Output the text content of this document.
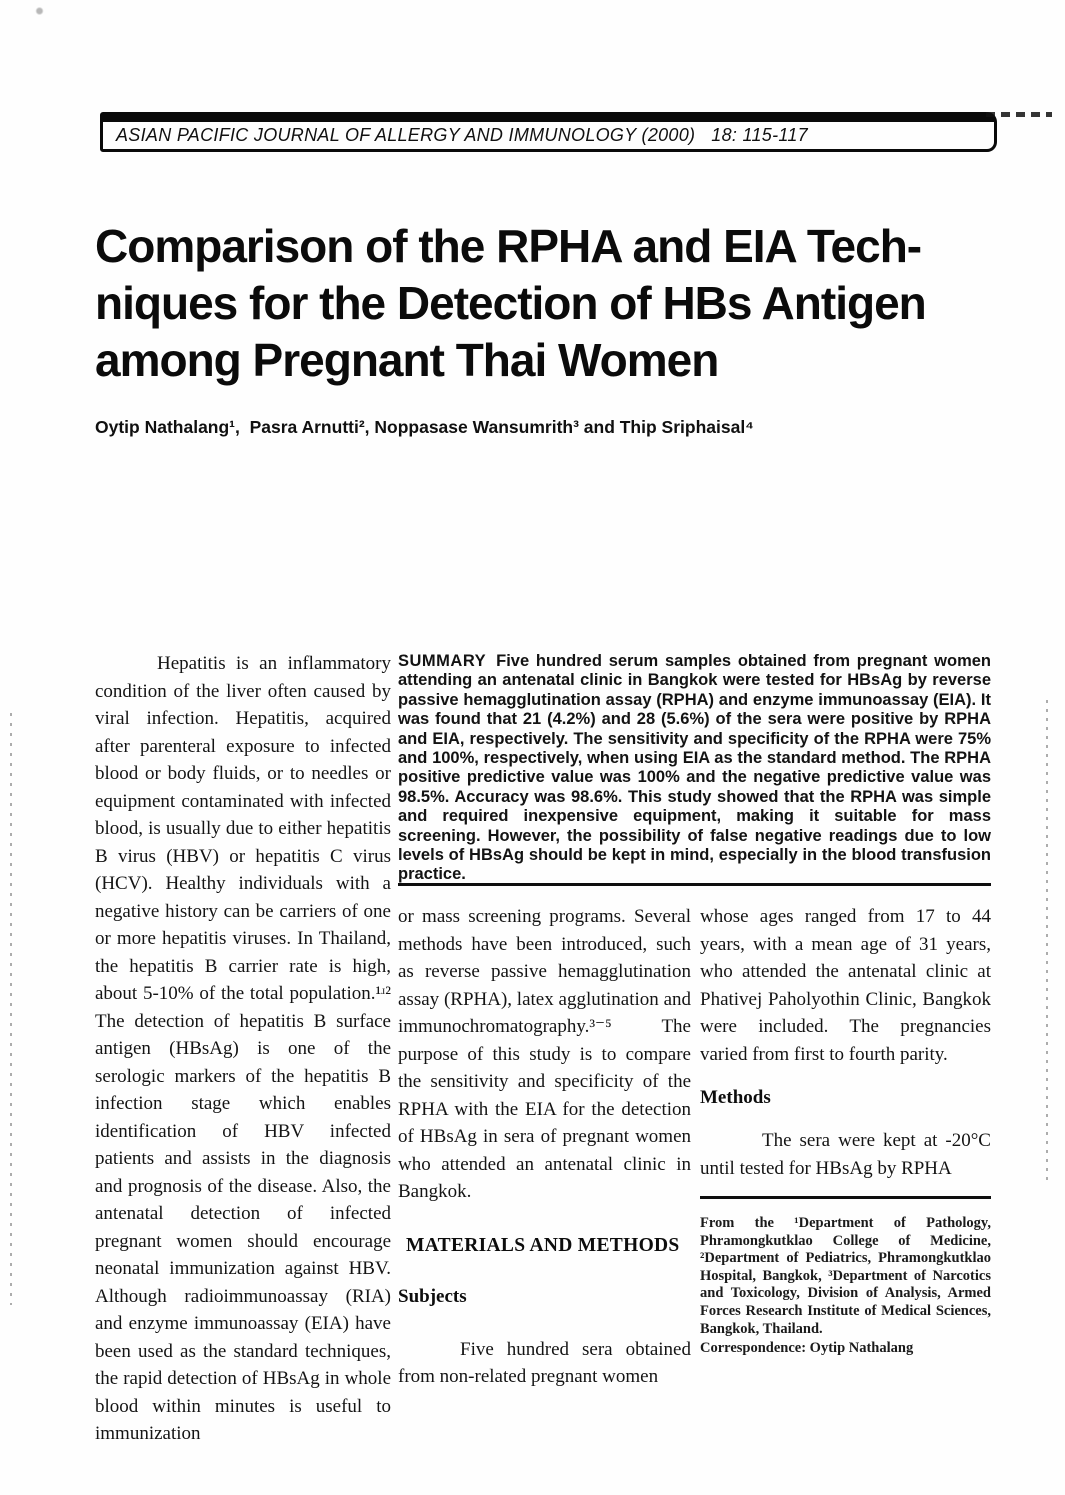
ASIAN PACIFIC JOURNAL OF ALLERGY AND IMMUNOLOGY (2000)   18: 115-117
Comparison of the RPHA and EIA Tech-
niques for the Detection of HBs Antigen
among Pregnant Thai Women
Oytip Nathalang¹,  Pasra Arnutti², Noppasase Wansumrith³ and Thip Sriphaisal⁴

Hepatitis is an inflammatory condition of the liver often caused by viral infection. Hepatitis, acquired after parenteral exposure to infected blood or body fluids, or to needles or equipment contaminated with infected blood, is usually due to either hepatitis B virus (HBV) or hepatitis C virus (HCV). Healthy individuals with a negative history can be carriers of one or more hepatitis viruses. In Thailand, the hepatitis B carrier rate is high, about 5-10% of the total population.¹ʴ² The detection of hepatitis B surface antigen (HBsAg) is one of the serologic markers of the hepatitis B infection stage which enables identification of HBV infected patients and assists in the diagnosis and prognosis of the disease. Also, the antenatal detection of infected pregnant women should encourage neonatal immunization against HBV. Although radioimmunoassay (RIA) and enzyme immunoassay (EIA) have been used as the standard techniques, the rapid detection of HBsAg in whole blood within minutes is useful to immunization

SUMMARY Five hundred serum samples obtained from pregnant women attending an antenatal clinic in Bangkok were tested for HBsAg by reverse passive hemagglutination assay (RPHA) and enzyme immunoassay (EIA). It was found that 21 (4.2%) and 28 (5.6%) of the sera were positive by RPHA and EIA, respectively. The sensitivity and specificity of the RPHA were 75% and 100%, respectively, when using EIA as the standard method. The RPHA positive predictive value was 100% and the negative predictive value was 98.5%. Accuracy was 98.6%. This study showed that the RPHA was simple and required inexpensive equipment, making it suitable for mass screening. However, the possibility of false negative readings due to low levels of HBsAg should be kept in mind, especially in the blood transfusion practice.

or mass screening programs. Several methods have been introduced, such as reverse passive hemagglutination assay (RPHA), latex agglutination and immunochromatography.³⁻⁵ The purpose of this study is to compare the sensitivity and specificity of the RPHA with the EIA for the detection of HBsAg in sera of pregnant women who attended an antenatal clinic in Bangkok.

MATERIALS AND METHODS
Subjects

Five hundred sera obtained from non-related pregnant women

whose ages ranged from 17 to 44 years, with a mean age of 31 years, who attended the antenatal clinic at Phativej Paholyothin Clinic, Bangkok were included. The pregnancies varied from first to fourth parity.

Methods

The sera were kept at -20°C until tested for HBsAg by RPHA

From the ¹Department of Pathology, Phramongkutklao College of Medicine, ²Department of Pediatrics, Phramongkutklao Hospital, Bangkok, ³Department of Narcotics and Toxicology, Division of Analysis, Armed Forces Research Institute of Medical Sciences, Bangkok, Thailand.
Correspondence: Oytip Nathalang
